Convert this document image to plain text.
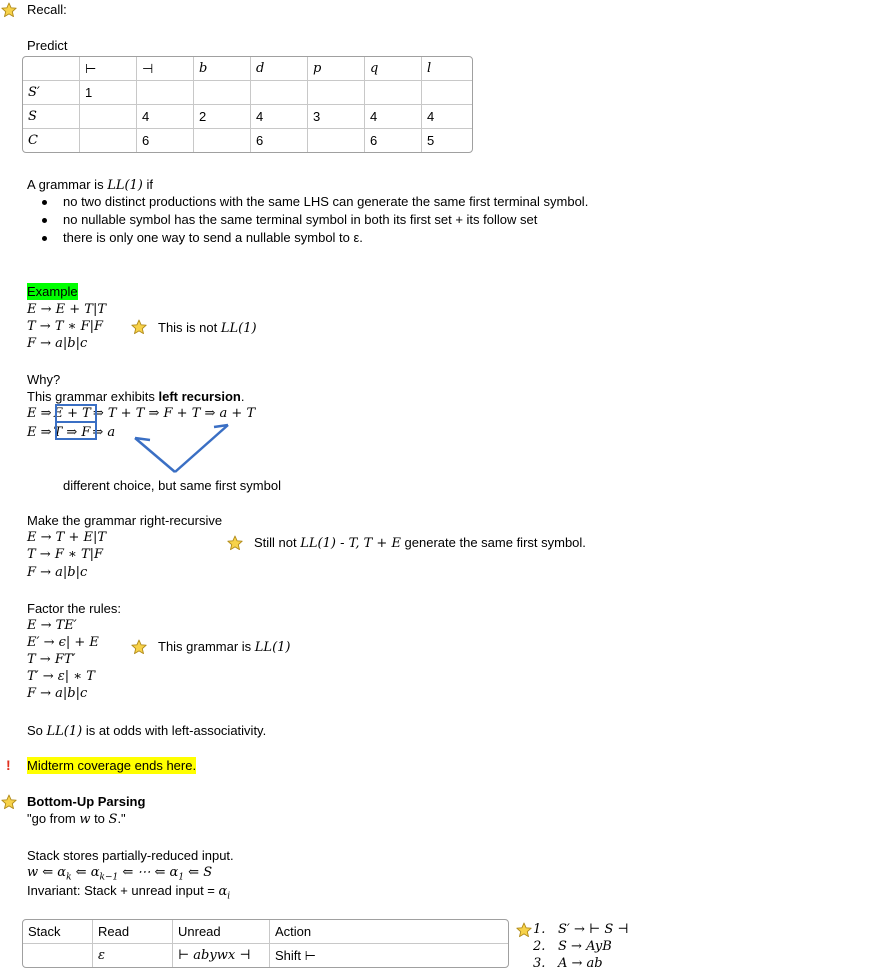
Recall:
Predict
	⊢	⊣	b	d	p	q	l
S′	1						
S		4	2	4	3	4	4
C		6		6		6	5
A grammar is LL(1) if
no two distinct productions with the same LHS can generate the same first terminal symbol.
no nullable symbol has the same terminal symbol in both its first set + its follow set
there is only one way to send a nullable symbol to ε.
Example
E → E + T|T
T → T ∗ F|F
F → a|b|c
This is not LL(1)
Why?
This grammar exhibits left recursion.
E ⇒ E + T ⇒ T + T ⇒ F + T ⇒ a + T
E ⇒ T ⇒ F ⇒ a
different choice, but same first symbol
Make the grammar right-recursive
E → T + E|T
T → F ∗ T|F
F → a|b|c
Still not LL(1) - T, T + E generate the same first symbol.
Factor the rules:
E → TE′
E′ → ϵ| + E
T → FT′
T′ → ε| ∗ T
F → a|b|c
This grammar is LL(1)
So LL(1) is at odds with left-associativity.
! Midterm coverage ends here.
Bottom-Up Parsing
"go from w to S."
Stack stores partially-reduced input.
w ⇐ $\alpha_k$ ⇐ $\alpha_{k-1}$ ⇐ ⋯ ⇐ $\alpha_1$ ⇐ S
Invariant: Stack + unread input = $\alpha_i$
Stack	Read	Unread	Action
	ε	⊢ abywx ⊣	Shift ⊢
1. S′ → ⊢ S ⊣
2. S → AyB
3. A → ab
